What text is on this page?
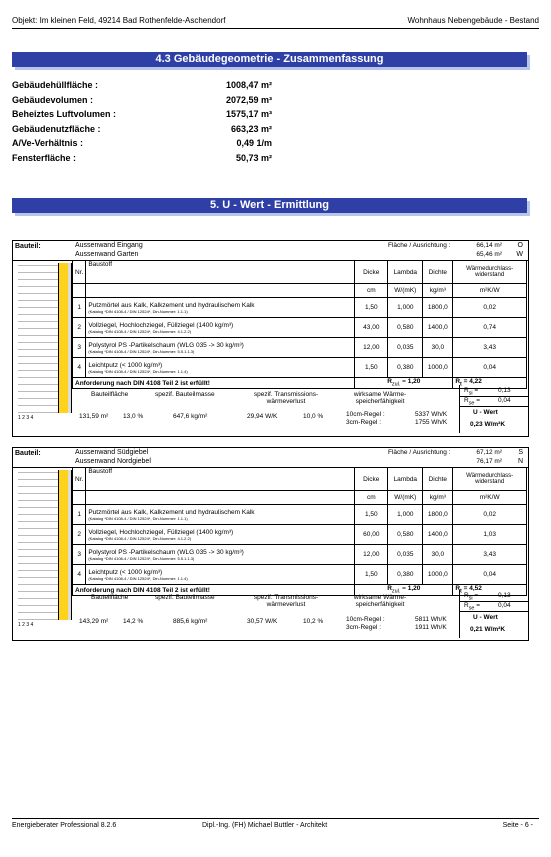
Objekt: Im kleinen Feld, 49214 Bad Rothenfelde-Aschendorf	Wohnhaus Nebengebäude - Bestand
4.3 Gebäudegeometrie - Zusammenfassung
Gebäudehüllfläche :	1008,47 m²
Gebäudevolumen :	2072,59 m³
Beheiztes Luftvolumen :	1575,17 m³
Gebäudenutzfläche :	663,23 m²
A/Ve-Verhältnis :	0,49 1/m
Fensterfläche :	50,73 m²
5. U - Wert - Ermittlung
Bauteil:	Aussenwand Eingang
Aussenwand Garten
Fläche / Ausrichtung :	66,14 m²
65,46 m²
O
W
1 2 3 4
Nr.	Baustoff	Dicke	Lambda	Dichte	Wärmedurchlass-widerstand
		cm	W/(mK)	kg/m³	m²K/W
1	Putzmörtel aus Kalk, Kalkzement und hydraulischem Kalk
(Katalog *DIN 4108-4 / DIN 12524*, Din-Nummer: 1.1.1)	1,50	1,000	1800,0	0,02
2	Vollziegel, Hochlochziegel, Füllziegel (1400 kg/m³)
(Katalog *DIN 4108-4 / DIN 12524*, Din-Nummer: 4.1.2.2)	43,00	0,580	1400,0	0,74
3	Polystyrol PS -Partikelschaum (WLG 035 -> 30 kg/m³)
(Katalog *DIN 4108-4 / DIN 12524*, Din-Nummer: 5.5.1.1.3)	12,00	0,035	30,0	3,43
4	Leichtputz (< 1000 kg/m³)
(Katalog *DIN 4108-4 / DIN 12524*, Din-Nummer: 1.1.4)	1,50	0,380	1000,0	0,04
Anforderung nach DIN 4108 Teil 2 ist erfüllt!		$R_{zul.} = 1,20$			$R_t = 4,22$
Bauteilfläche	spezif. Bauteilmasse	spezif. Transmissions-wärmeverlust
wirksame Wärme-speicherfähigkeit
131,59 m² 13,0 %	647,6 kg/m²	29,94 W/K	10,0 %	10cm-Regel :	5337 Wh/K
3cm-Regel :	1755 Wh/K
$R_{si}$ =	0,13
$R_{se}$ =	0,04
U - Wert
0,23 W/m²K
Bauteil:	Aussenwand Südgiebel
Aussenwand Nordgiebel
Fläche / Ausrichtung :	67,12 m²
76,17 m²
S
N
1 2 3 4
Nr.	Baustoff	Dicke	Lambda	Dichte	Wärmedurchlass-widerstand
		cm	W/(mK)	kg/m³	m²K/W
1	Putzmörtel aus Kalk, Kalkzement und hydraulischem Kalk
(Katalog *DIN 4108-4 / DIN 12524*, Din-Nummer: 1.1.1)	1,50	1,000	1800,0	0,02
2	Vollziegel, Hochlochziegel, Füllziegel (1400 kg/m³)
(Katalog *DIN 4108-4 / DIN 12524*, Din-Nummer: 4.1.2.2)	60,00	0,580	1400,0	1,03
3	Polystyrol PS -Partikelschaum (WLG 035 -> 30 kg/m³)
(Katalog *DIN 4108-4 / DIN 12524*, Din-Nummer: 5.5.1.1.3)	12,00	0,035	30,0	3,43
4	Leichtputz (< 1000 kg/m³)
(Katalog *DIN 4108-4 / DIN 12524*, Din-Nummer: 1.1.4)	1,50	0,380	1000,0	0,04
Anforderung nach DIN 4108 Teil 2 ist erfüllt!		$R_{zul.} = 1,20$			$R_t = 4,52$
Bauteilfläche	spezif. Bauteilmasse	spezif. Transmissions-wärmeverlust
wirksame Wärme-speicherfähigkeit
143,29 m² 14,2 %	885,6 kg/m²	30,57 W/K	10,2 %	10cm-Regel :	5811 Wh/K
3cm-Regel :	1911 Wh/K
$R_{si}$ =	0,13
$R_{se}$ =	0,04
U - Wert
0,21 W/m²K
Energieberater Professional 8.2.6	Dipl.-Ing. (FH) Michael Buttler - Architekt	Seite - 6 -
